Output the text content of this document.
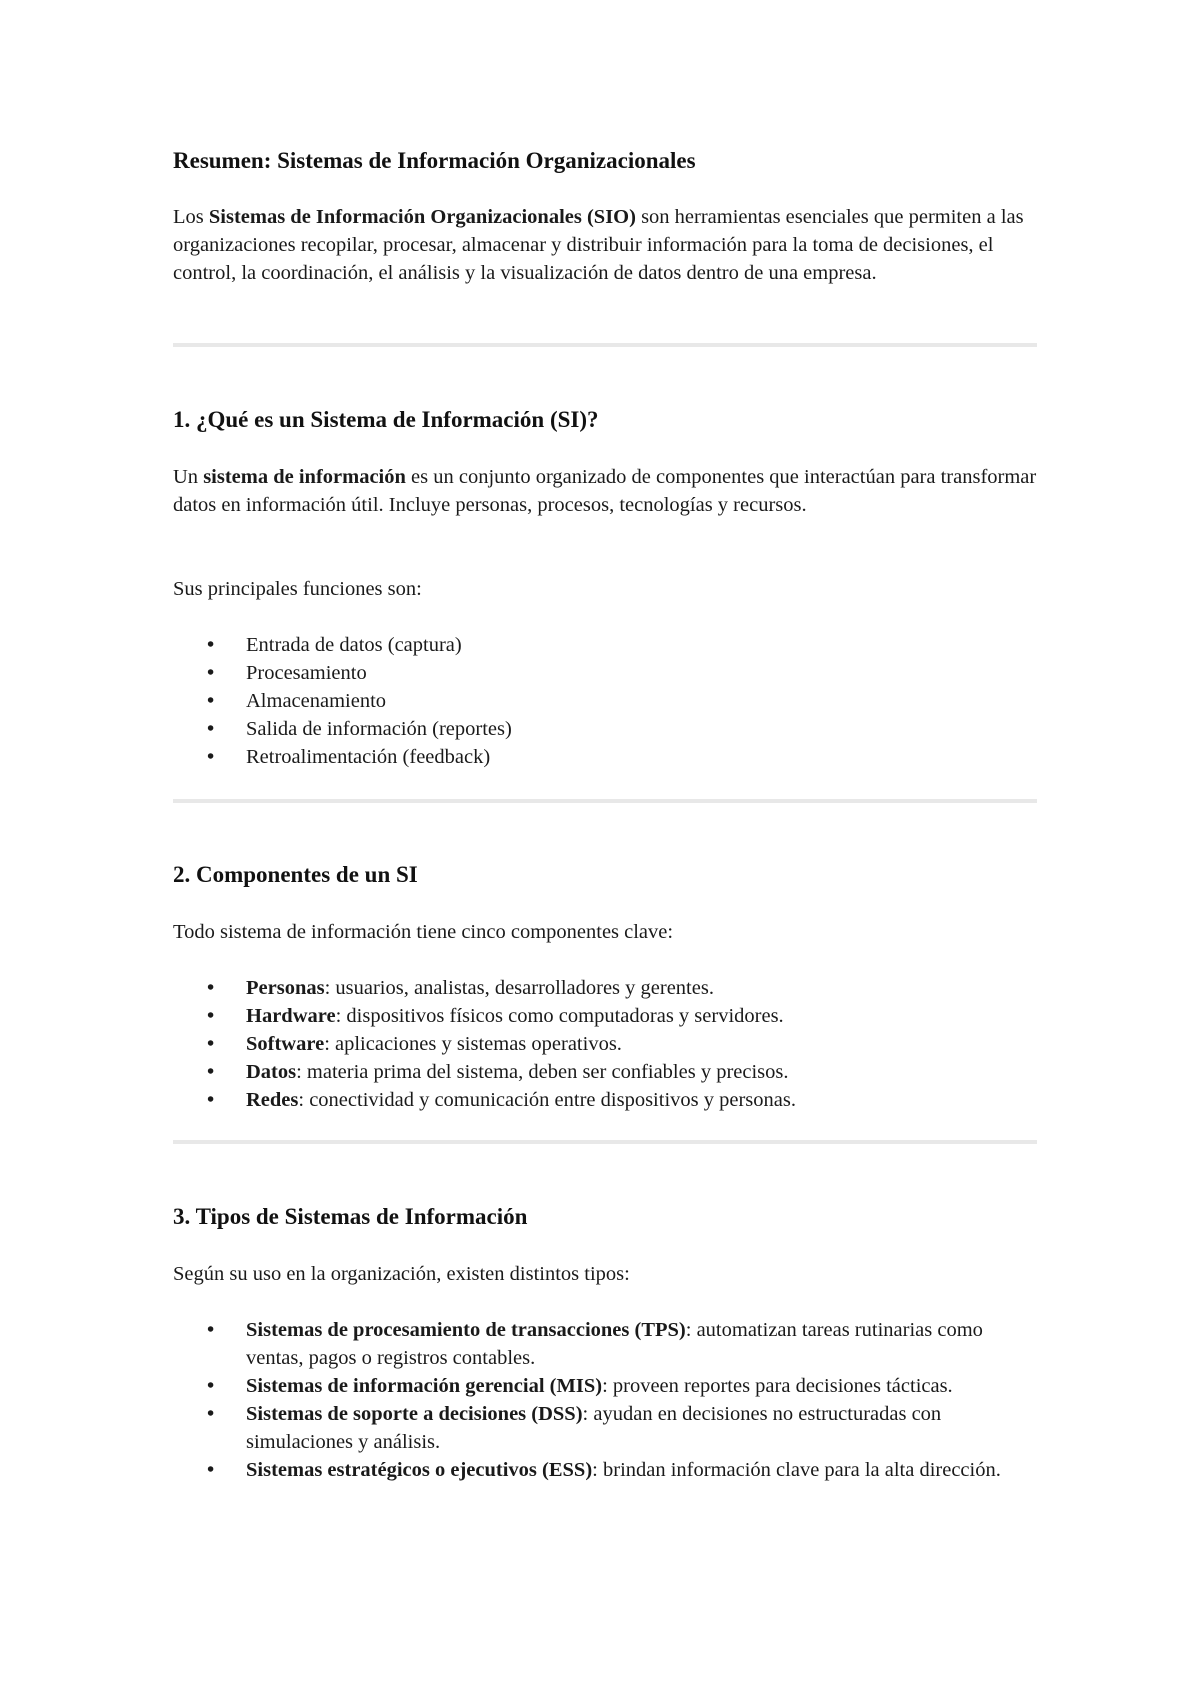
Resumen: Sistemas de Información Organizacionales

Los Sistemas de Información Organizacionales (SIO) son herramientas esenciales que permiten a las organizaciones recopilar, procesar, almacenar y distribuir información para la toma de decisiones, el control, la coordinación, el análisis y la visualización de datos dentro de una empresa.

1. ¿Qué es un Sistema de Información (SI)?

Un sistema de información es un conjunto organizado de componentes que interactúan para transformar datos en información útil. Incluye personas, procesos, tecnologías y recursos.

Sus principales funciones son:

• Entrada de datos (captura)
• Procesamiento
• Almacenamiento
• Salida de información (reportes)
• Retroalimentación (feedback)
2. Componentes de un SI

Todo sistema de información tiene cinco componentes clave:

• Personas: usuarios, analistas, desarrolladores y gerentes.
• Hardware: dispositivos físicos como computadoras y servidores.
• Software: aplicaciones y sistemas operativos.
• Datos: materia prima del sistema, deben ser confiables y precisos.
• Redes: conectividad y comunicación entre dispositivos y personas.
3. Tipos de Sistemas de Información

Según su uso en la organización, existen distintos tipos:

• Sistemas de procesamiento de transacciones (TPS): automatizan tareas rutinarias como ventas, pagos o registros contables.
• Sistemas de información gerencial (MIS): proveen reportes para decisiones tácticas.
• Sistemas de soporte a decisiones (DSS): ayudan en decisiones no estructuradas con simulaciones y análisis.
• Sistemas estratégicos o ejecutivos (ESS): brindan información clave para la alta dirección.
